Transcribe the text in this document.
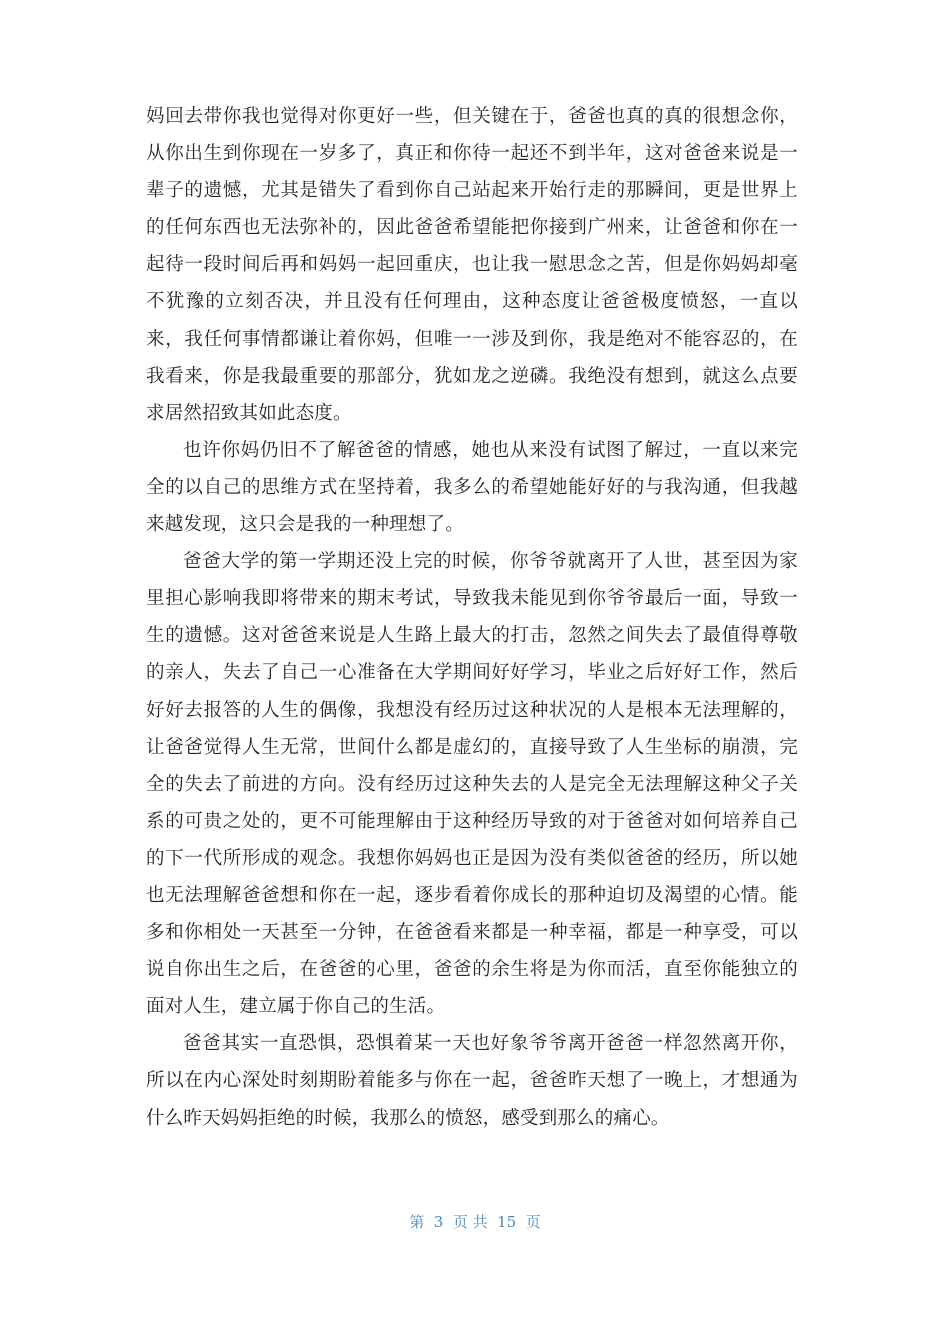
妈回去带你我也觉得对你更好一些，但关键在于，爸爸也真的真的很想念你，从你出生到你现在一岁多了，真正和你待一起还不到半年，这对爸爸来说是一辈子的遗憾，尤其是错失了看到你自己站起来开始行走的那瞬间，更是世界上的任何东西也无法弥补的，因此爸爸希望能把你接到广州来，让爸爸和你在一起待一段时间后再和妈妈一起回重庆，也让我一慰思念之苦，但是你妈妈却毫不犹豫的立刻否决，并且没有任何理由，这种态度让爸爸极度愤怒，一直以来，我任何事情都谦让着你妈，但唯一一涉及到你，我是绝对不能容忍的，在我看来，你是我最重要的那部分，犹如龙之逆磷。我绝没有想到，就这么点要求居然招致其如此态度。

也许你妈仍旧不了解爸爸的情感，她也从来没有试图了解过，一直以来完全的以自己的思维方式在坚持着，我多么的希望她能好好的与我沟通，但我越来越发现，这只会是我的一种理想了。

爸爸大学的第一学期还没上完的时候，你爷爷就离开了人世，甚至因为家里担心影响我即将带来的期末考试，导致我未能见到你爷爷最后一面，导致一生的遗憾。这对爸爸来说是人生路上最大的打击，忽然之间失去了最值得尊敬的亲人，失去了自己一心准备在大学期间好好学习，毕业之后好好工作，然后好好去报答的人生的偶像，我想没有经历过这种状况的人是根本无法理解的，让爸爸觉得人生无常，世间什么都是虚幻的，直接导致了人生坐标的崩溃，完全的失去了前进的方向。没有经历过这种失去的人是完全无法理解这种父子关系的可贵之处的，更不可能理解由于这种经历导致的对于爸爸对如何培养自己的下一代所形成的观念。我想你妈妈也正是因为没有类似爸爸的经历，所以她也无法理解爸爸想和你在一起，逐步看着你成长的那种迫切及渴望的心情。能多和你相处一天甚至一分钟，在爸爸看来都是一种幸福，都是一种享受，可以说自你出生之后，在爸爸的心里，爸爸的余生将是为你而活，直至你能独立的面对人生，建立属于你自己的生活。

爸爸其实一直恐惧，恐惧着某一天也好象爷爷离开爸爸一样忽然离开你，所以在内心深处时刻期盼着能多与你在一起，爸爸昨天想了一晚上，才想通为什么昨天妈妈拒绝的时候，我那么的愤怒，感受到那么的痛心。

第  3  页 共  15  页
